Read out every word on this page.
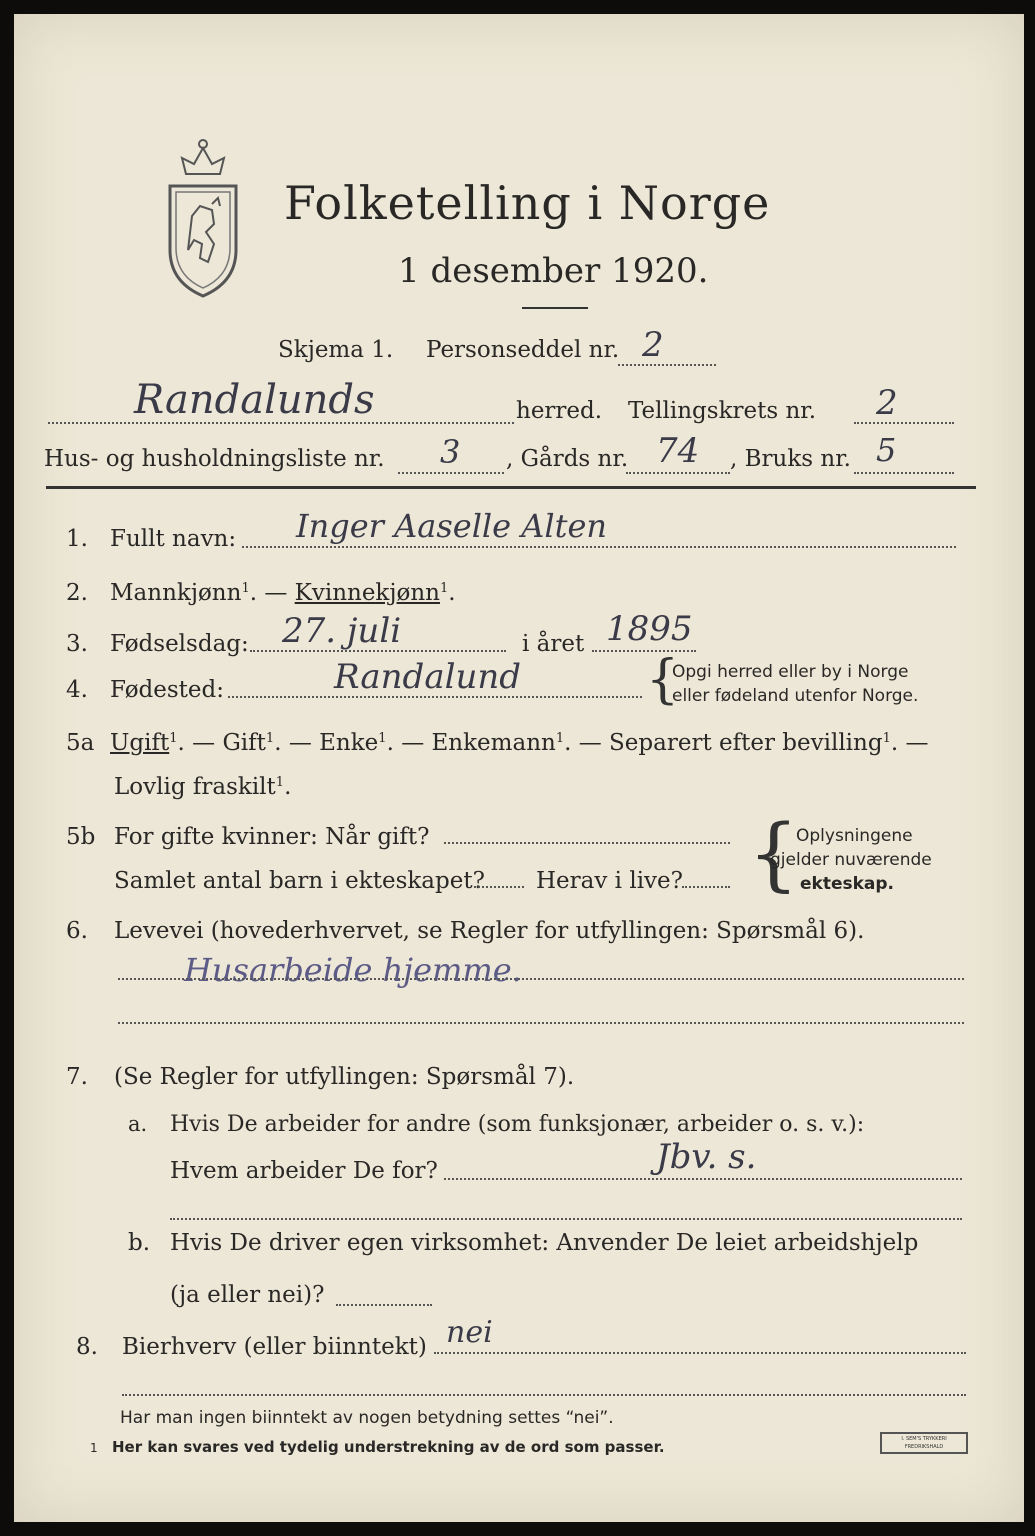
Folketelling i Norge
1 desember 1920.
Skjema 1. Personseddel nr. 2
Randalunds	herred. Tellingskrets nr. 2
Hus- og husholdningsliste nr. 3 , Gårds nr. 74 , Bruks nr. 5
1. Fullt navn: Inger Aaselle Alten
2. Mannkjønn$^1$. — Kvinnekjønn$^1$.
3. Fødselsdag: 27. juli	i året 1895
4. Fødested:	Randalund {
Opgi herred eller by i Norge
eller fødeland utenfor Norge.
5a Ugift$^1$. — Gift$^1$. — Enke$^1$. — Enkemann$^1$. — Separert efter bevilling$^1$. —
Lovlig fraskilt$^1$.
5b For gifte kvinner: Når gift?
Samlet antal barn i ekteskapet? Herav i live? {
Oplysningene
gjelder nuværende
ekteskap.
6. Levevei (hovederhvervet, se Regler for utfyllingen: Spørsmål 6).
Husarbeide hjemme.
7. (Se Regler for utfyllingen: Spørsmål 7).
a. Hvis De arbeider for andre (som funksjonær, arbeider o. s. v.):
Hvem arbeider De for?	Jbv. s.
b. Hvis De driver egen virksomhet: Anvender De leiet arbeidshjelp
(ja eller nei)?
8. Bierhverv (eller biinntekt) nei
Har man ingen biinntekt av nogen betydning settes “nei”.
1 Her kan svares ved tydelig understrekning av de ord som passer.	I. SEM'S TRYKKERI FREDRIKSHALD
